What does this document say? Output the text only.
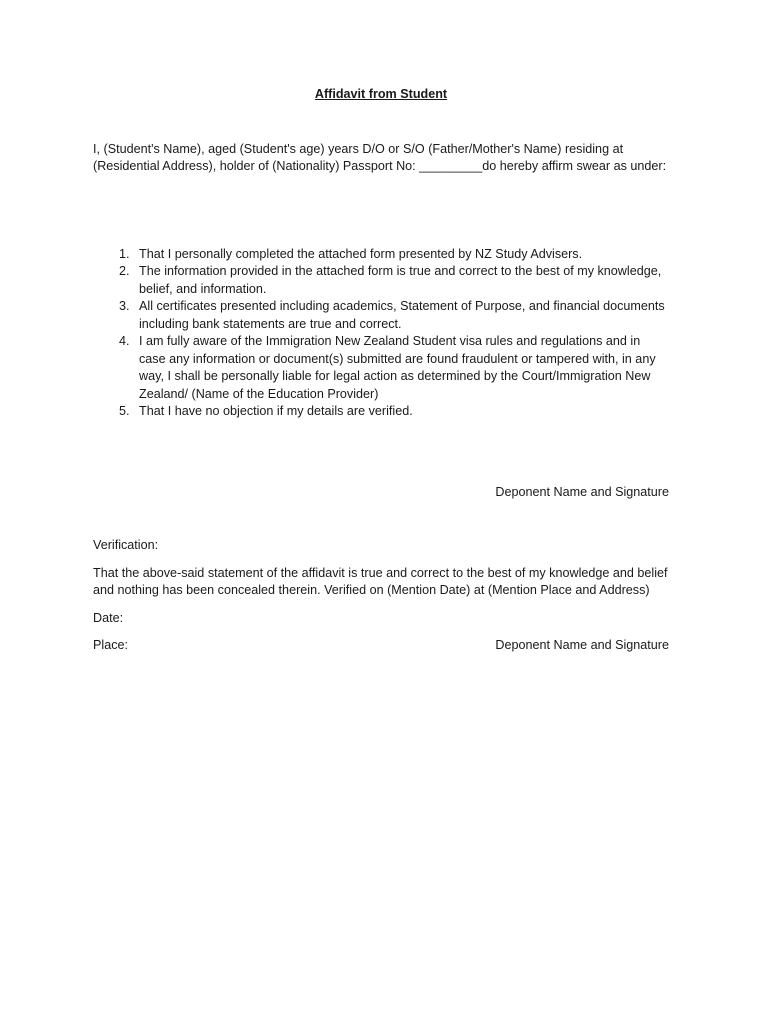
Affidavit from Student

I, (Student's Name), aged (Student's age) years D/O or S/O (Father/Mother's Name) residing at (Residential Address), holder of (Nationality) Passport No: _________do hereby affirm swear as under:

1. That I personally completed the attached form presented by NZ Study Advisers.
2. The information provided in the attached form is true and correct to the best of my knowledge, belief, and information.
3. All certificates presented including academics, Statement of Purpose, and financial documents including bank statements are true and correct.
4. I am fully aware of the Immigration New Zealand Student visa rules and regulations and in case any information or document(s) submitted are found fraudulent or tampered with, in any way, I shall be personally liable for legal action as determined by the Court/Immigration New Zealand/ (Name of the Education Provider)
5. That I have no objection if my details are verified.

Deponent Name and Signature

Verification:

That the above-said statement of the affidavit is true and correct to the best of my knowledge and belief and nothing has been concealed therein. Verified on (Mention Date) at (Mention Place and Address)

Date:

Place:	Deponent Name and Signature
